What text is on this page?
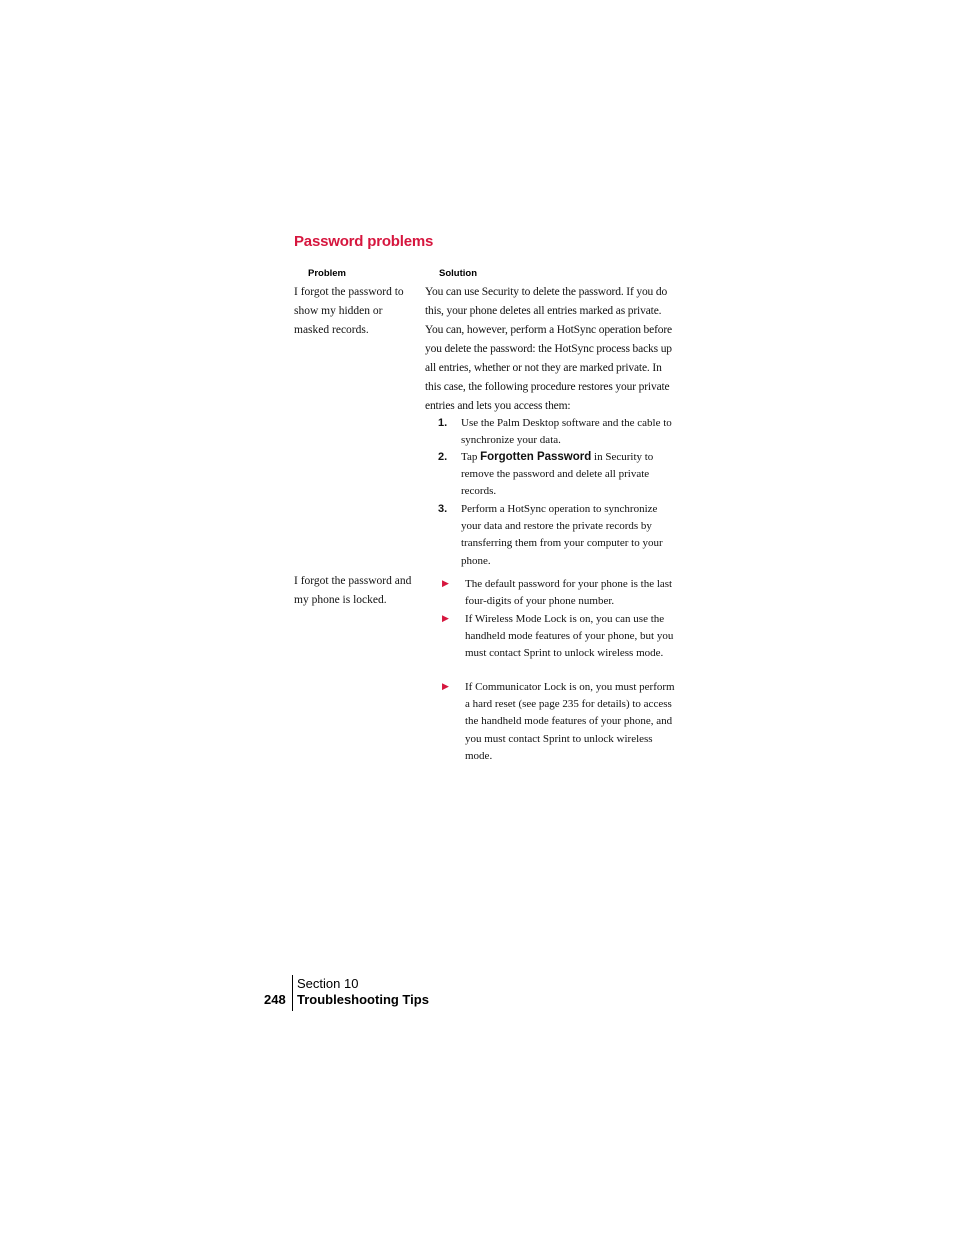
Password problems
Problem	Solution
I forgot the password to show my hidden or masked records.
You can use Security to delete the password. If you do this, your phone deletes all entries marked as private. You can, however, perform a HotSync operation before you delete the password: the HotSync process backs up all entries, whether or not they are marked private. In this case, the following procedure restores your private entries and lets you access them:
1. Use the Palm Desktop software and the cable to synchronize your data.
2. Tap Forgotten Password in Security to remove the password and delete all private records.
3. Perform a HotSync operation to synchronize your data and restore the private records by transferring them from your computer to your phone.
I forgot the password and my phone is locked.
▶ The default password for your phone is the last four-digits of your phone number.
▶ If Wireless Mode Lock is on, you can use the handheld mode features of your phone, but you must contact Sprint to unlock wireless mode.
▶ If Communicator Lock is on, you must perform a hard reset (see page 235 for details) to access the handheld mode features of your phone, and you must contact Sprint to unlock wireless mode.
248
Section 10
Troubleshooting Tips
